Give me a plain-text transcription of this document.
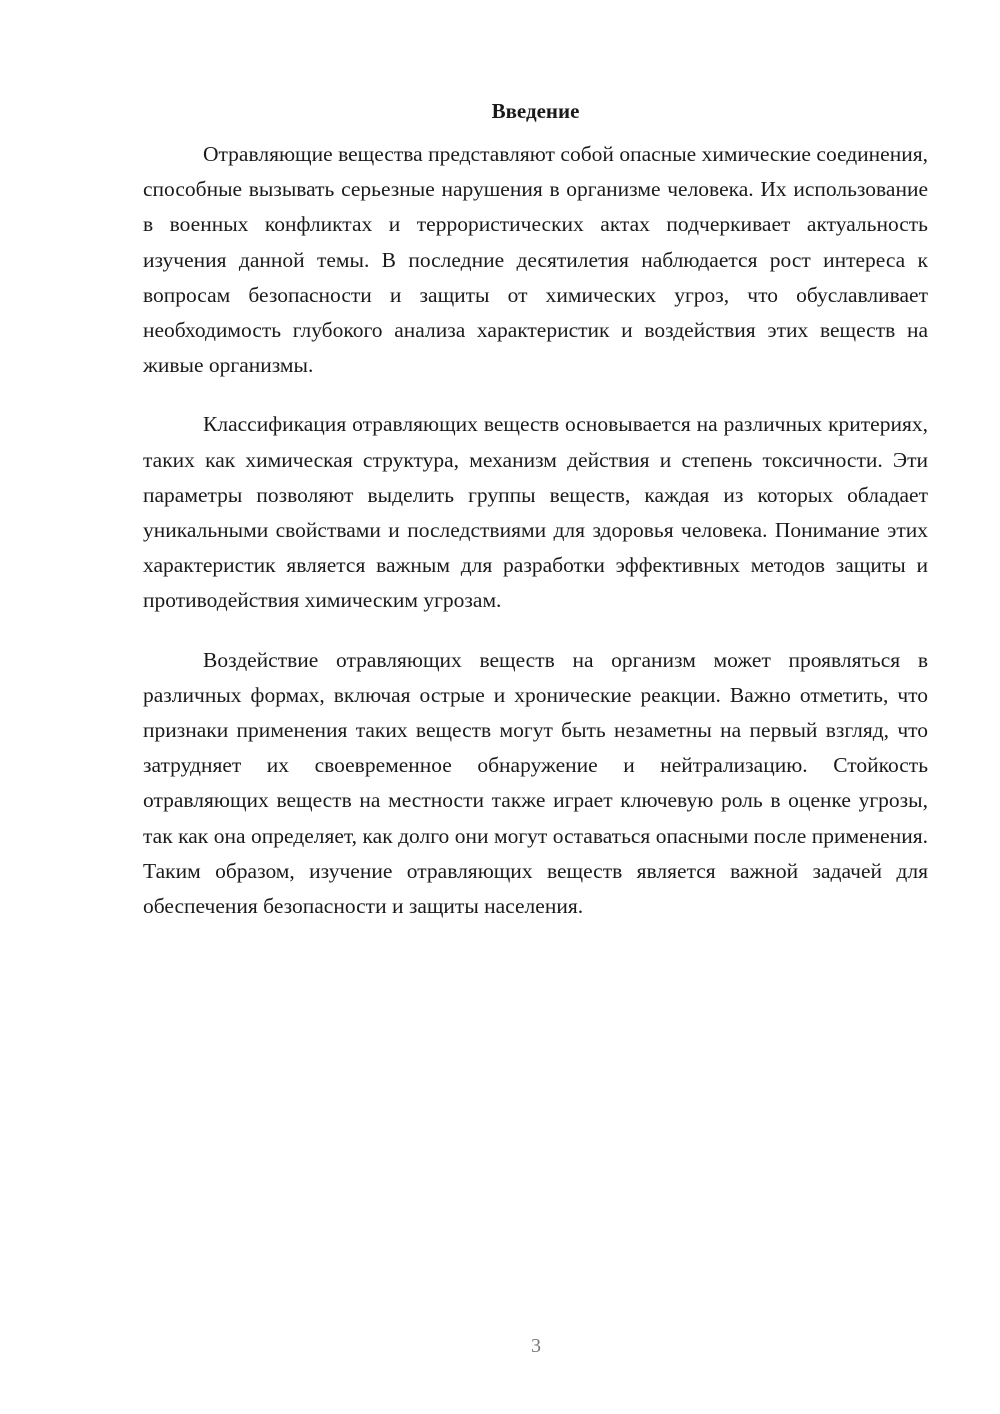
Введение

Отравляющие вещества представляют собой опасные химические соединения, способные вызывать серьезные нарушения в организме человека. Их использование в военных конфликтах и террористических актах подчеркивает актуальность изучения данной темы. В последние десятилетия наблюдается рост интереса к вопросам безопасности и защиты от химических угроз, что обуславливает необходимость глубокого анализа характеристик и воздействия этих веществ на живые организмы.

Классификация отравляющих веществ основывается на различных критериях, таких как химическая структура, механизм действия и степень токсичности. Эти параметры позволяют выделить группы веществ, каждая из которых обладает уникальными свойствами и последствиями для здоровья человека. Понимание этих характеристик является важным для разработки эффективных методов защиты и противодействия химическим угрозам.

Воздействие отравляющих веществ на организм может проявляться в различных формах, включая острые и хронические реакции. Важно отметить, что признаки применения таких веществ могут быть незаметны на первый взгляд, что затрудняет их своевременное обнаружение и нейтрализацию. Стойкость отравляющих веществ на местности также играет ключевую роль в оценке угрозы, так как она определяет, как долго они могут оставаться опасными после применения. Таким образом, изучение отравляющих веществ является важной задачей для обеспечения безопасности и защиты населения.

3
